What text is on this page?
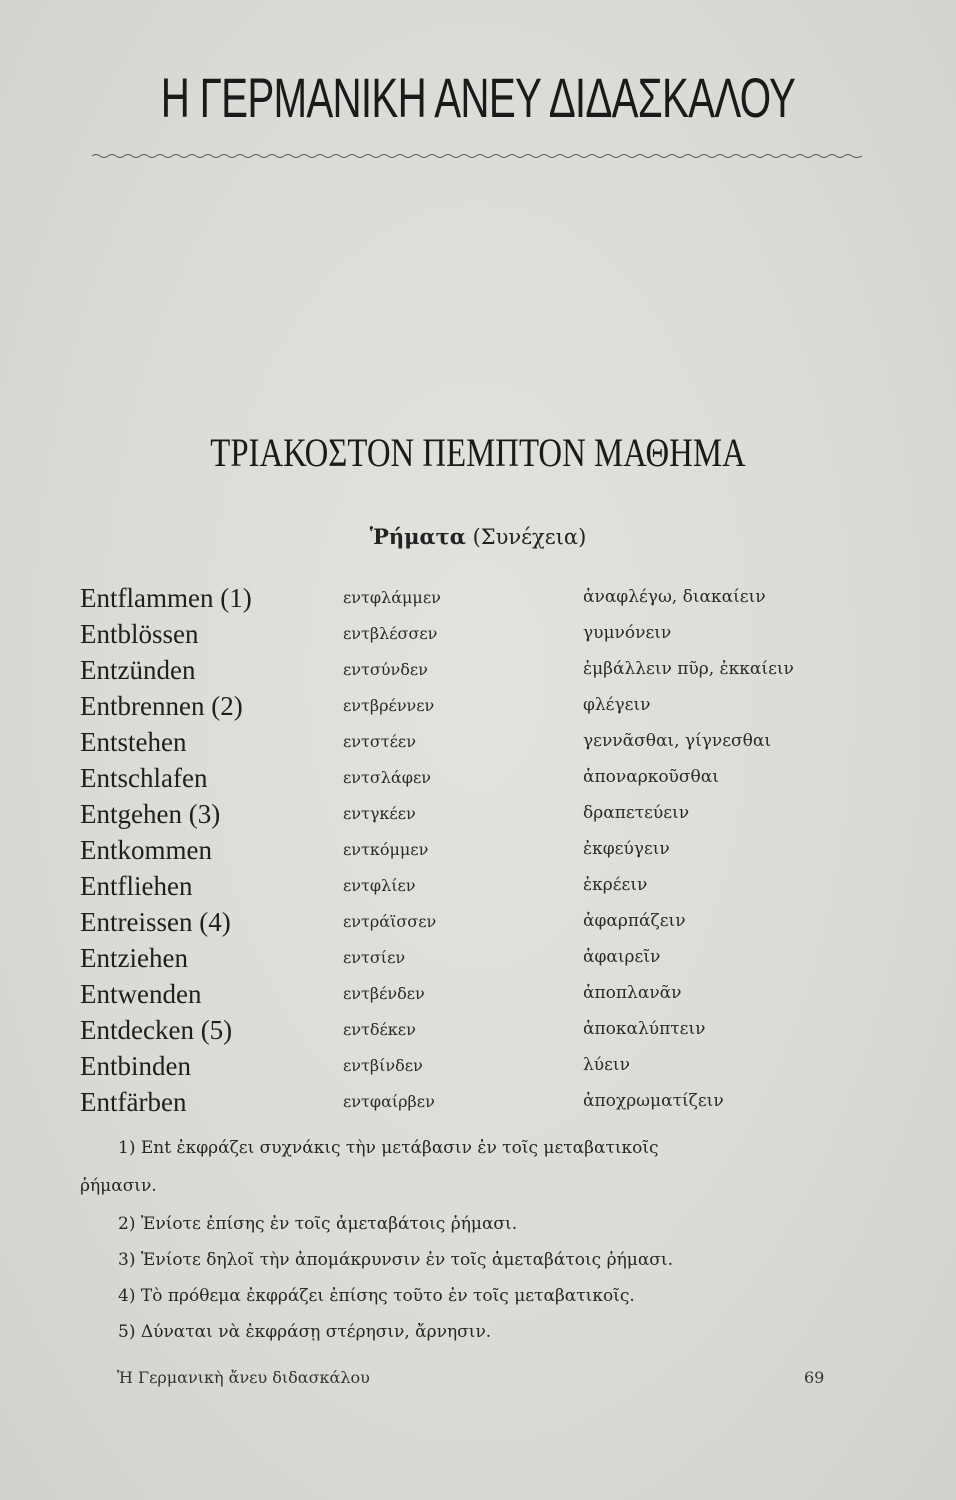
Η ΓΕΡΜΑΝΙΚΗ ΑΝΕΥ ΔΙΔΑΣΚΑΛΟΥ
ΤΡΙΑΚΟΣΤΟΝ ΠΕΜΠΤΟΝ ΜΑΘΗΜΑ
Ῥήματα (Συνέχεια)
Entflammen (1)	εντφλάμμεν	ἀναφλέγω, διακαίειν
Entblössen	εντβλέσσεν	γυμνόνειν
Entzünden	εντσύνδεν	ἐμβάλλειν πῦρ, ἐκκαίειν
Entbrennen (2)	εντβρέννεν	φλέγειν
Entstehen	εντστέεν	γεννᾶσθαι, γίγνεσθαι
Entschlafen	εντσλάφεν	ἀποναρκοῦσθαι
Entgehen (3)	εντγκέεν	δραπετεύειν
Entkommen	εντκόμμεν	ἐκφεύγειν
Entfliehen	εντφλίεν	ἐκρέειν
Entreissen (4)	εντράϊσσεν	ἀφαρπάζειν
Entziehen	εντσίεν	ἀφαιρεῖν
Entwenden	εντβένδεν	ἀποπλανᾶν
Entdecken (5)	εντδέκεν	ἀποκαλύπτειν
Entbinden	εντβίνδεν	λύειν
Entfärben	εντφαίρβεν	ἀποχρωματίζειν
1) Ent ἐκφράζει συχνάκις τὴν μετάβασιν ἐν τοῖς μεταβατικοῖς
ῥήμασιν.
2) Ἐνίοτε ἐπίσης ἐν τοῖς ἀμεταβάτοις ῥήμασι.
3) Ἐνίοτε δηλοῖ τὴν ἀπομάκρυνσιν ἐν τοῖς ἀμεταβάτοις ῥήμασι.
4) Τὸ πρόθεμα ἐκφράζει ἐπίσης τοῦτο ἐν τοῖς μεταβατικοῖς.
5) Δύναται νὰ ἐκφράσῃ στέρησιν, ἄρνησιν.
Ἡ Γερμανικὴ ἄνευ διδασκάλου	69
